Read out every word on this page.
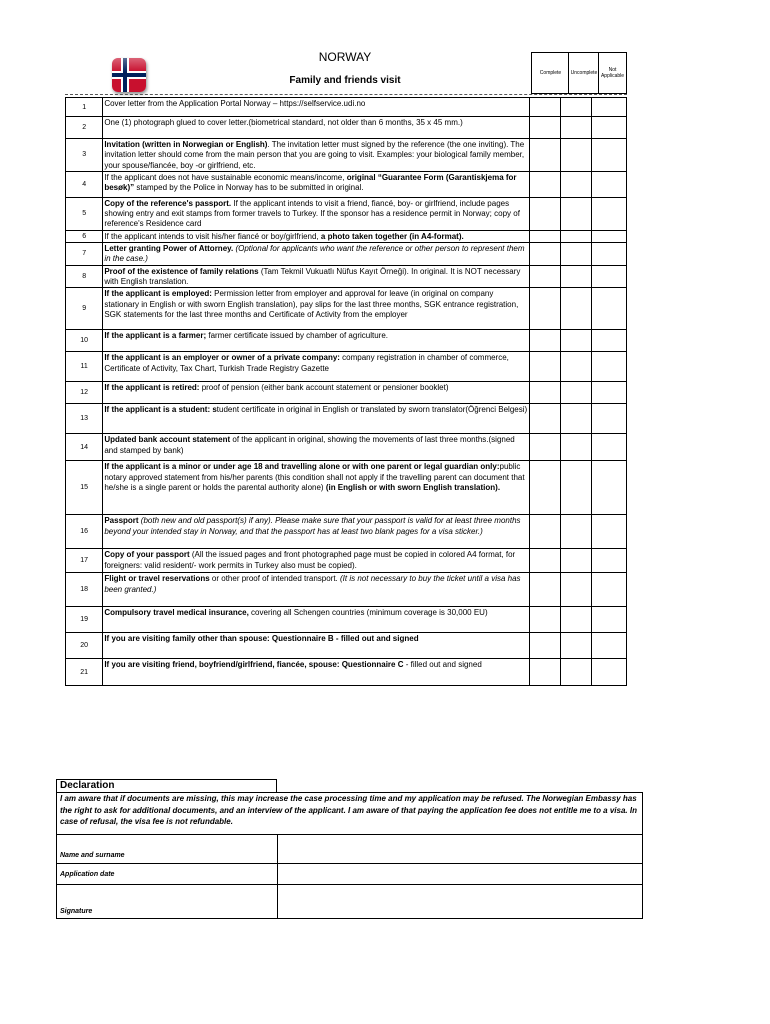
NORWAY
Family and friends visit
Complete	Uncomplete	Not Applicable
1	Cover letter from the Application Portal Norway – https://selfservice.udi.no			

2	One (1) photograph glued to cover letter.(biometrical standard, not older than 6 months, 35 x 45 mm.)			

3	Invitation (written in Norwegian or English). The invitation letter must signed by the reference (the one inviting). The invitation letter should come from the main person that you are going to visit. Examples: your biological family member, your spouse/fiancée, boy -or girlfriend, etc.			

4	If the applicant does not have sustainable economic means/income, original “Guarantee Form (Garantiskjema for besøk)” stamped by the Police in Norway has to be submitted in original.			

5	Copy of the reference's passport. If the applicant intends to visit a friend, fiancé, boy- or girlfriend, include pages showing entry and exit stamps from former travels to Turkey. If the sponsor has a residence permit in Norway; copy of reference's Residence card			

6	If the applicant intends to visit his/her fiancé or boy/girlfriend, a photo taken together (in A4-format).			

7	Letter granting Power of Attorney. (Optional for applicants who want the reference or other person to represent them in the case.)			

8	Proof of the existence of family relations (Tam Tekmil Vukuatlı Nüfus Kayıt Örneği). In original. It is NOT necessary with English translation.			

9	If the applicant is employed: Permission letter from employer and approval for leave (in original on company stationary in English or with sworn English translation), pay slips for the last three months, SGK entrance registration, SGK statements for the last three months and Certificate of Activity from the employer			

10	If the applicant is a farmer; farmer certificate issued by chamber of agriculture.			

11	If the applicant is an employer or owner of a private company: company registration in chamber of commerce, Certificate of Activity, Tax Chart, Turkish Trade Registry Gazette			

12	If the applicant is retired: proof of pension (either bank account statement or pensioner booklet)			

13	If the applicant is a student: student certificate in original in English or translated by sworn translator(Öğrenci Belgesi)			

14	Updated bank account statement of the applicant in original, showing the movements of last three months.(signed and stamped by bank)			

15	If the applicant is a minor or under age 18 and travelling alone or with one parent or legal guardian only:public notary approved statement from his/her parents (this condition shall not apply if the travelling parent can document that he/she is a single parent or holds the parental authority alone) (in English or with sworn English translation).			

16	Passport (both new and old passport(s) if any). Please make sure that your passport is valid for at least three months beyond your intended stay in Norway, and that the passport has at least two blank pages for a visa sticker.)			

17	Copy of your passport (All the issued pages and front photographed page must be copied in colored A4 format, for foreigners: valid resident/- work permits in Turkey also must be copied).			

18	Flight or travel reservations or other proof of intended transport. (It is not necessary to buy the ticket until a visa has been granted.)			

19	Compulsory travel medical insurance, covering all Schengen countries (minimum coverage is 30,000 EU)			

20	If you are visiting family other than spouse: Questionnaire B - filled out and signed			

21	If you are visiting friend, boyfriend/girlfriend, fiancée, spouse: Questionnaire C - filled out and signed			

Declaration
I am aware that if documents are missing, this may increase the case processing time and my application may be refused. The Norwegian Embassy has the right to ask for additional documents, and an interview of the applicant. I am aware of that paying the application fee does not entitle me to a visa. In case of refusal, the visa fee is not refundable.
Name and surname
Application date
Signature
